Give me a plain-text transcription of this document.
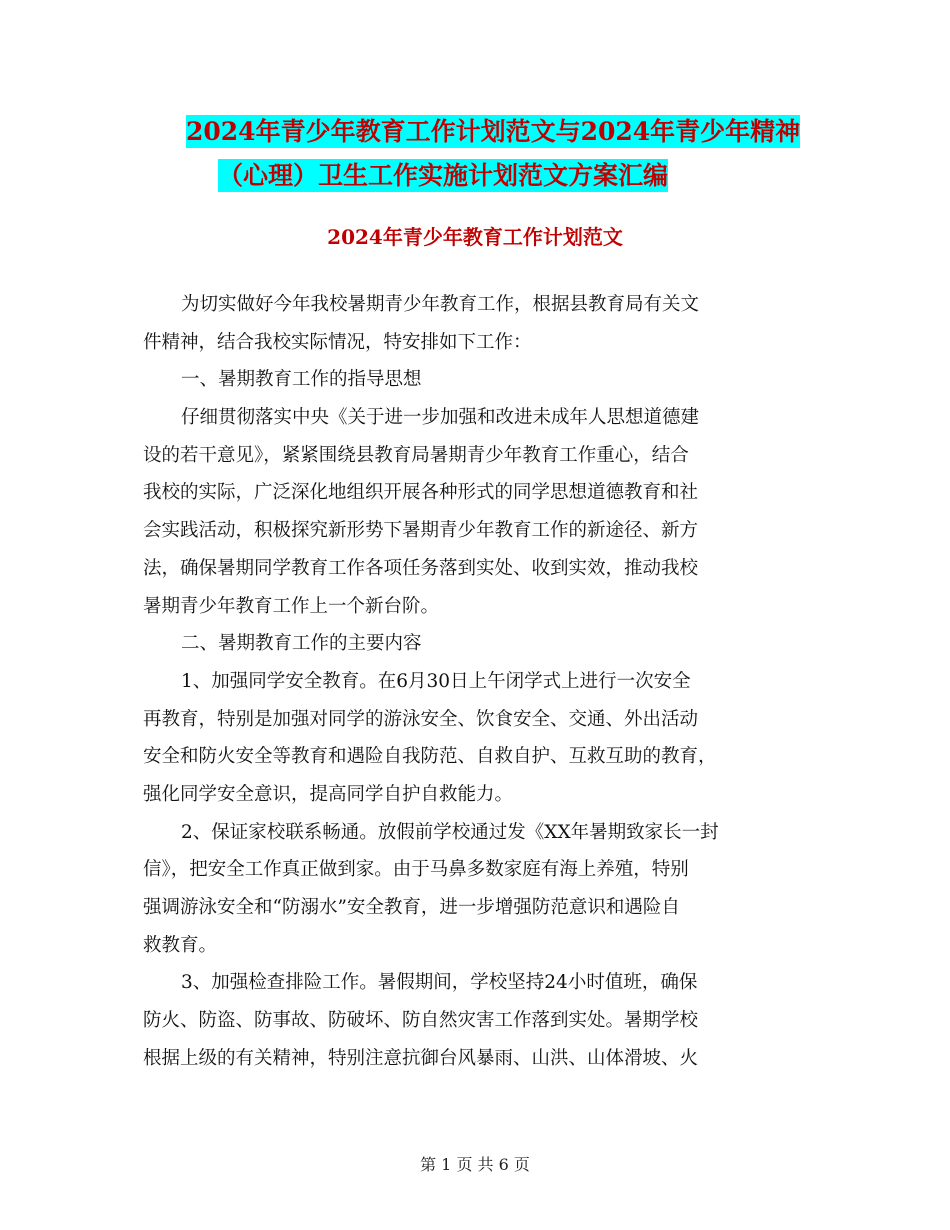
2024年青少年教育工作计划范文与2024年青少年精神
（心理）卫生工作实施计划范文方案汇编
2024年青少年教育工作计划范文
为切实做好今年我校暑期青少年教育工作，根据县教育局有关文
件精神，结合我校实际情况，特安排如下工作：
一、暑期教育工作的指导思想
仔细贯彻落实中央《关于进一步加强和改进未成年人思想道德建
设的若干意见》，紧紧围绕县教育局暑期青少年教育工作重心，结合
我校的实际，广泛深化地组织开展各种形式的同学思想道德教育和社
会实践活动，积极探究新形势下暑期青少年教育工作的新途径、新方
法，确保暑期同学教育工作各项任务落到实处、收到实效，推动我校
暑期青少年教育工作上一个新台阶。
二、暑期教育工作的主要内容
1、加强同学安全教育。在6月30日上午闭学式上进行一次安全
再教育，特别是加强对同学的游泳安全、饮食安全、交通、外出活动
安全和防火安全等教育和遇险自我防范、自救自护、互救互助的教育，
强化同学安全意识，提高同学自护自救能力。
2、保证家校联系畅通。放假前学校通过发《XX年暑期致家长一封
信》，把安全工作真正做到家。由于马鼻多数家庭有海上养殖，特别
强调游泳安全和“防溺水”安全教育，进一步增强防范意识和遇险自
救教育。
3、加强检查排险工作。暑假期间，学校坚持24小时值班，确保
防火、防盗、防事故、防破坏、防自然灾害工作落到实处。暑期学校
根据上级的有关精神，特别注意抗御台风暴雨、山洪、山体滑坡、火
第 1 页 共 6 页
